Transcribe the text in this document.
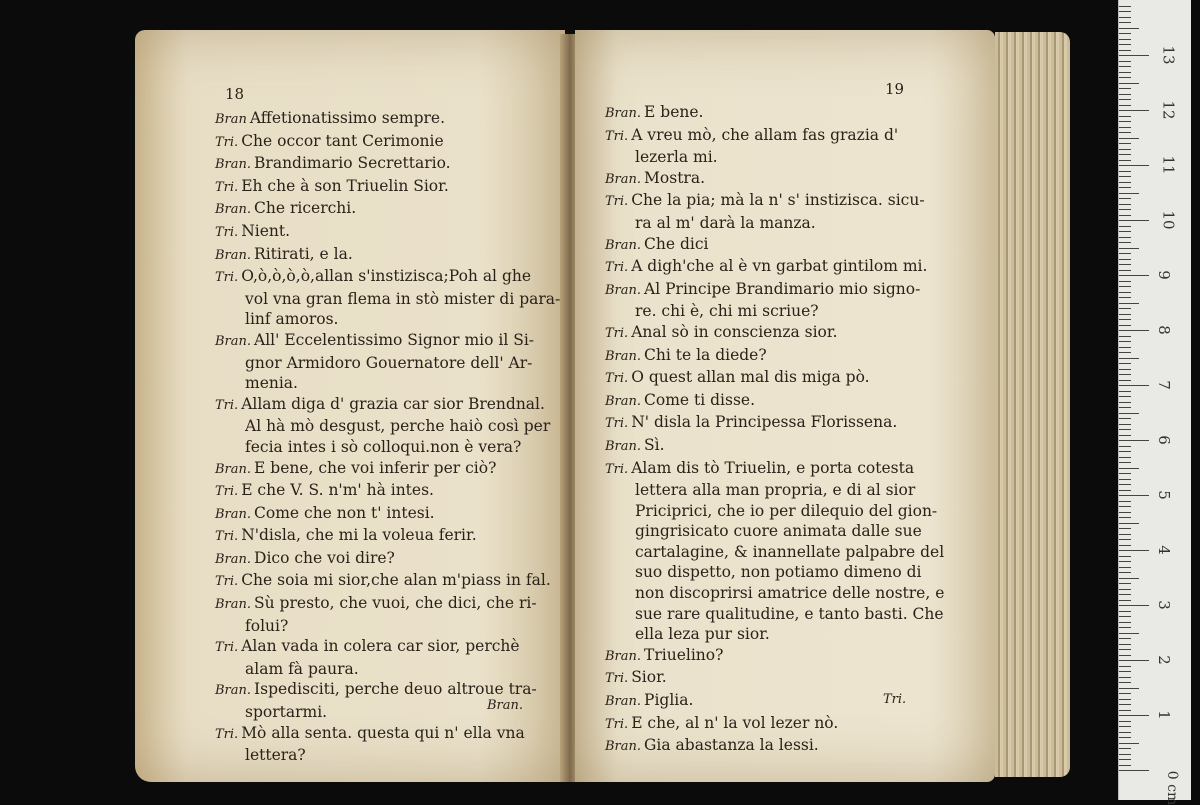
18
Bran Affetionatissimo sempre.
Tri. Che occor tant Cerimonie
Bran. Brandimario Secrettario.
Tri. Eh che à son Triuelin Sior.
Bran. Che ricerchi.
Tri. Nient.
Bran. Ritirati, e la.
Tri. O,ò,ò,ò,ò,allan s'instizisca;Poh al ghe
vol vna gran flema in stò mister di para-
linf amoros.
Bran. All' Eccelentissimo Signor mio il Si-
gnor Armidoro Gouernatore dell' Ar-
menia.
Tri. Allam diga d' grazia car sior Brendnal.
Al hà mò desgust, perche haiò così per
fecia intes i sò colloqui.non è vera?
Bran. E bene, che voi inferir per ciò?
Tri. E che V. S. n'm' hà intes.
Bran. Come che non t' intesi.
Tri. N'disla, che mi la voleua ferir.
Bran. Dico che voi dire?
Tri. Che soia mi sior,che alan m'piass in fal.
Bran. Sù presto, che vuoi, che dici, che ri-
folui?
Tri. Alan vada in colera car sior, perchè
alam fà paura.
Bran. Ispedisciti, perche deuo altroue tra-
sportarmi.
Tri. Mò alla senta. questa qui n' ella vna
lettera?
Bran.
19
Bran. E bene.
Tri. A vreu mò, che allam fas grazia d'
lezerla mi.
Bran. Mostra.
Tri. Che la pia; mà la n' s' instizisca. sicu-
ra al m' darà la manza.
Bran. Che dici
Tri. A digh'che al è vn garbat gintilom mi.
Bran. Al Principe Brandimario mio signo-
re. chi è, chi mi scriue?
Tri. Anal sò in conscienza sior.
Bran. Chi te la diede?
Tri. O quest allan mal dis miga pò.
Bran. Come ti disse.
Tri. N' disla la Principessa Florissena.
Bran. Sì.
Tri. Alam dis tò Triuelin, e porta cotesta
lettera alla man propria, e di al sior
Priciprici, che io per dilequio del gion-
gingrisicato cuore animata dalle sue
cartalagine, & inannellate palpabre del
suo dispetto, non potiamo dimeno di
non discoprirsi amatrice delle nostre, e
sue rare qualitudine, e tanto basti. Che
ella leza pur sior.
Bran. Triuelino?
Tri. Sior.
Bran. Piglia.
Tri. E che, al n' la vol lezer nò.
Bran. Gia abastanza la lessi.
Tri.
0 cm
1
2
3
4
5
6
7
8
9
10
11
12
13
